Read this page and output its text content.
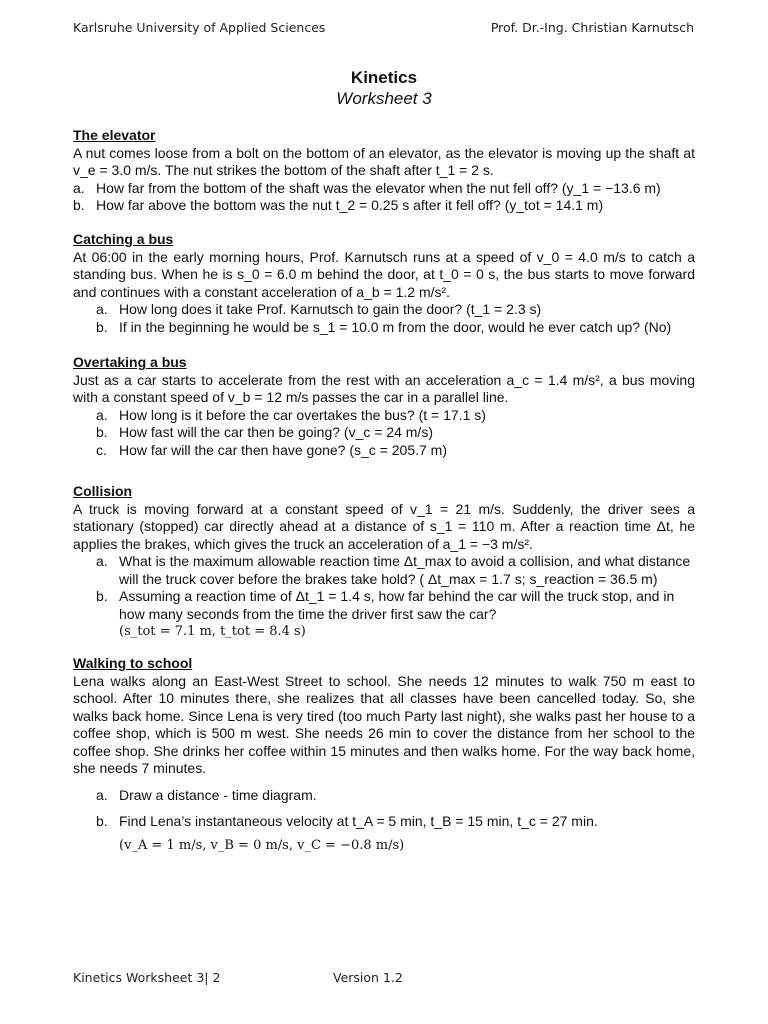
Karlsruhe University of Applied Sciences	Prof. Dr.-Ing. Christian Karnutsch
Kinetics
Worksheet 3
The elevator
A nut comes loose from a bolt on the bottom of an elevator, as the elevator is moving up the shaft at v_e = 3.0 m/s. The nut strikes the bottom of the shaft after t_1 = 2 s.
a. How far from the bottom of the shaft was the elevator when the nut fell off? (y_1 = −13.6 m)
b. How far above the bottom was the nut t_2 = 0.25 s after it fell off? (y_tot = 14.1 m)
Catching a bus
At 06:00 in the early morning hours, Prof. Karnutsch runs at a speed of v_0 = 4.0 m/s to catch a standing bus. When he is s_0 = 6.0 m behind the door, at t_0 = 0 s, the bus starts to move forward and continues with a constant acceleration of a_b = 1.2 m/s².
a. How long does it take Prof. Karnutsch to gain the door? (t_1 = 2.3 s)
b. If in the beginning he would be s_1 = 10.0 m from the door, would he ever catch up? (No)
Overtaking a bus
Just as a car starts to accelerate from the rest with an acceleration a_c = 1.4 m/s², a bus moving with a constant speed of v_b = 12 m/s passes the car in a parallel line.
a. How long is it before the car overtakes the bus? (t = 17.1 s)
b. How fast will the car then be going? (v_c = 24 m/s)
c. How far will the car then have gone? (s_c = 205.7 m)
Collision
A truck is moving forward at a constant speed of v_1 = 21 m/s. Suddenly, the driver sees a stationary (stopped) car directly ahead at a distance of s_1 = 110 m. After a reaction time Δt, he applies the brakes, which gives the truck an acceleration of a_1 = −3 m/s².
a. What is the maximum allowable reaction time Δt_max to avoid a collision, and what distance will the truck cover before the brakes take hold? ( Δt_max = 1.7 s; s_reaction = 36.5 m)
b. Assuming a reaction time of Δt_1 = 1.4 s, how far behind the car will the truck stop, and in how many seconds from the time the driver first saw the car?
(s_tot = 7.1 m, t_tot = 8.4 s)
Walking to school
Lena walks along an East-West Street to school. She needs 12 minutes to walk 750 m east to school. After 10 minutes there, she realizes that all classes have been cancelled today. So, she walks back home. Since Lena is very tired (too much Party last night), she walks past her house to a coffee shop, which is 500 m west. She needs 26 min to cover the distance from her school to the coffee shop. She drinks her coffee within 15 minutes and then walks home. For the way back home, she needs 7 minutes.
a. Draw a distance - time diagram.
b. Find Lena’s instantaneous velocity at t_A = 5 min, t_B = 15 min, t_c = 27 min.
(v_A = 1 m/s, v_B = 0 m/s, v_C = −0.8 m/s)
Kinetics Worksheet 3| 2	Version 1.2
